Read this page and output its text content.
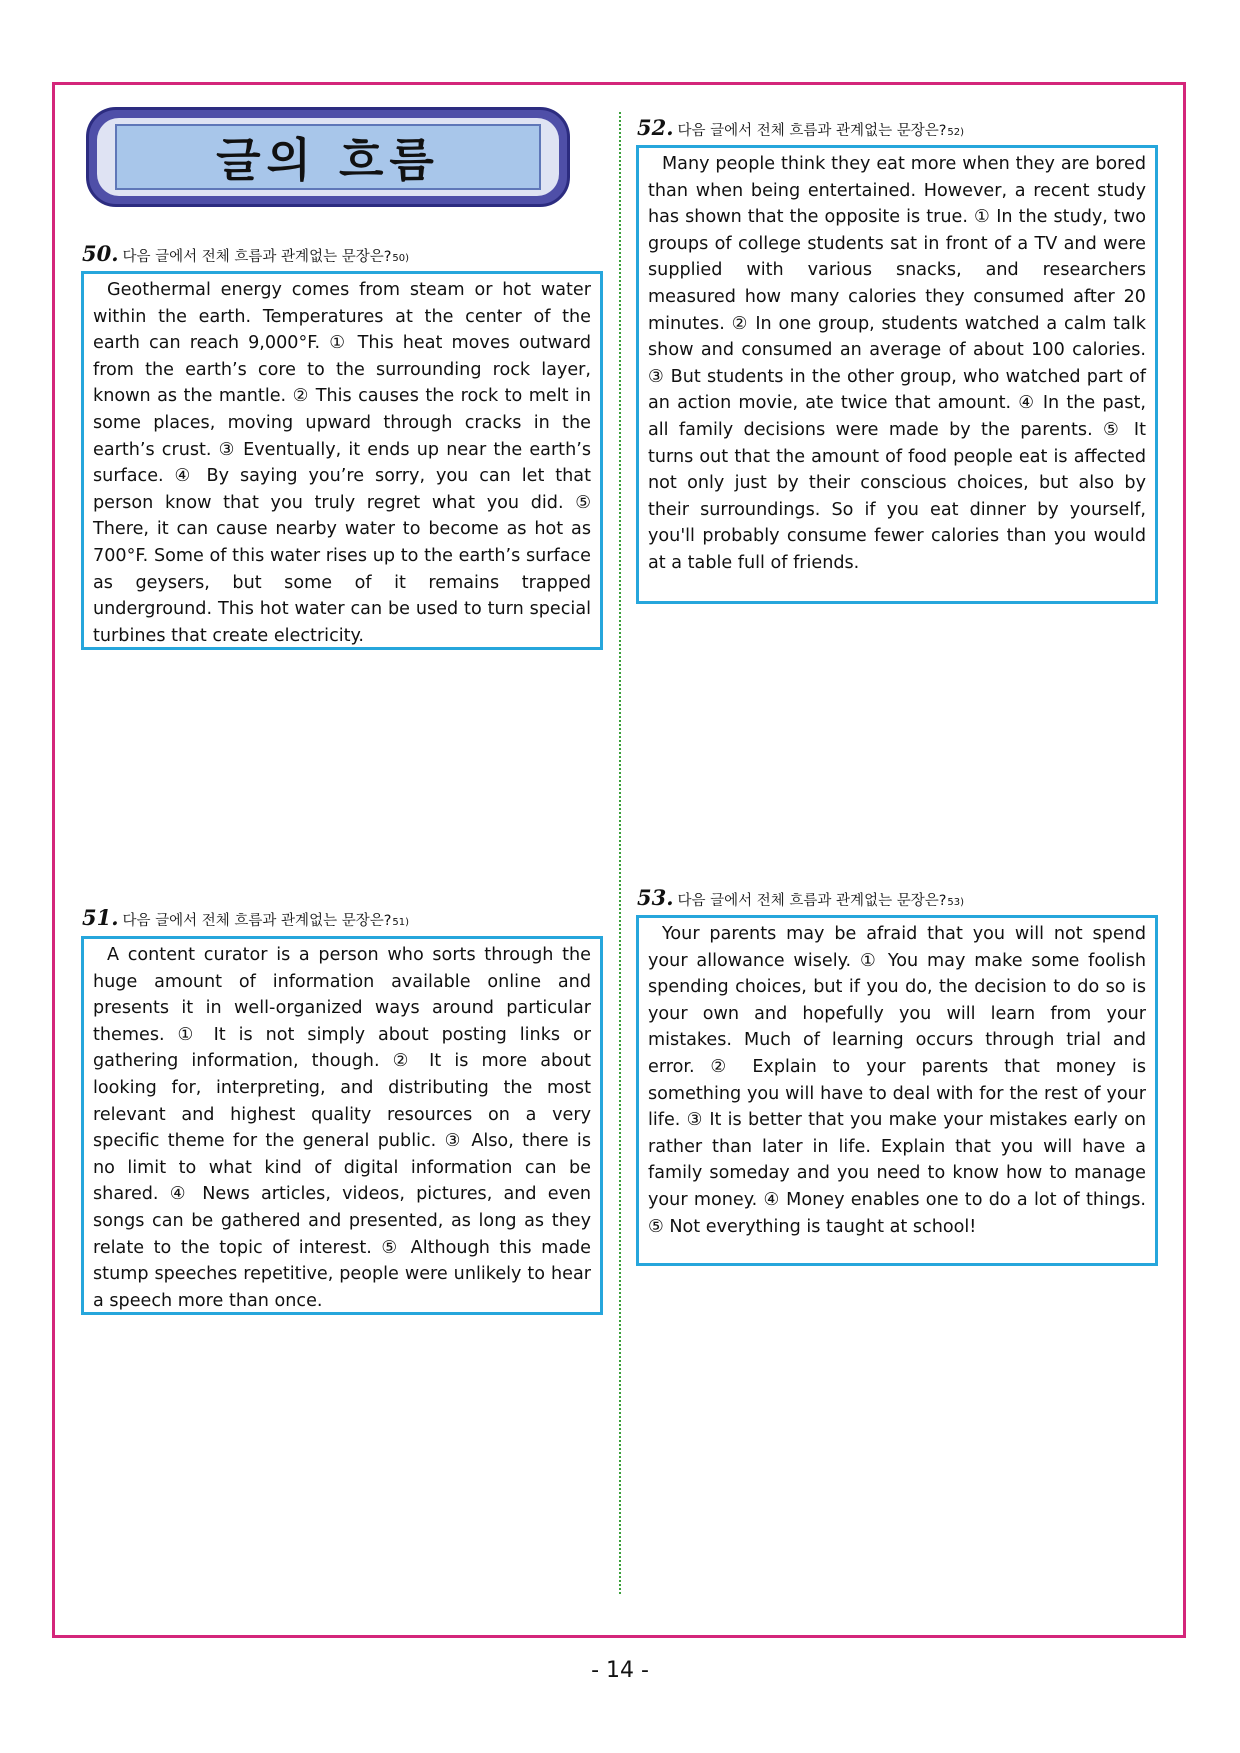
글의 흐름
50. 다음 글에서 전체 흐름과 관계없는 문장은? 50)

Geothermal energy comes from steam or hot water within the earth. Temperatures at the center of the earth can reach 9,000°F. ① This heat moves outward from the earth’s core to the surrounding rock layer, known as the mantle. ② This causes the rock to melt in some places, moving upward through cracks in the earth’s crust. ③ Eventually, it ends up near the earth’s surface. ④ By saying you’re sorry, you can let that person know that you truly regret what you did. ⑤ There, it can cause nearby water to become as hot as 700°F. Some of this water rises up to the earth’s surface as geysers, but some of it remains trapped underground. This hot water can be used to turn special turbines that create electricity.

51. 다음 글에서 전체 흐름과 관계없는 문장은? 51)

A content curator is a person who sorts through the huge amount of information available online and presents it in well-organized ways around particular themes. ① It is not simply about posting links or gathering information, though. ② It is more about looking for, interpreting, and distributing the most relevant and highest quality resources on a very specific theme for the general public. ③ Also, there is no limit to what kind of digital information can be shared. ④ News articles, videos, pictures, and even songs can be gathered and presented, as long as they relate to the topic of interest. ⑤ Although this made stump speeches repetitive, people were unlikely to hear a speech more than once.

52. 다음 글에서 전체 흐름과 관계없는 문장은? 52)

Many people think they eat more when they are bored than when being entertained. However, a recent study has shown that the opposite is true. ① In the study, two groups of college students sat in front of a TV and were supplied with various snacks, and researchers measured how many calories they consumed after 20 minutes. ② In one group, students watched a calm talk show and consumed an average of about 100 calories. ③ But students in the other group, who watched part of an action movie, ate twice that amount. ④ In the past, all family decisions were made by the parents. ⑤ It turns out that the amount of food people eat is affected not only just by their conscious choices, but also by their surroundings. So if you eat dinner by yourself, you'll probably consume fewer calories than you would at a table full of friends.

53. 다음 글에서 전체 흐름과 관계없는 문장은? 53)

Your parents may be afraid that you will not spend your allowance wisely. ① You may make some foolish spending choices, but if you do, the decision to do so is your own and hopefully you will learn from your mistakes. Much of learning occurs through trial and error. ② Explain to your parents that money is something you will have to deal with for the rest of your life. ③ It is better that you make your mistakes early on rather than later in life. Explain that you will have a family someday and you need to know how to manage your money. ④ Money enables one to do a lot of things. ⑤ Not everything is taught at school!

- 14 -
